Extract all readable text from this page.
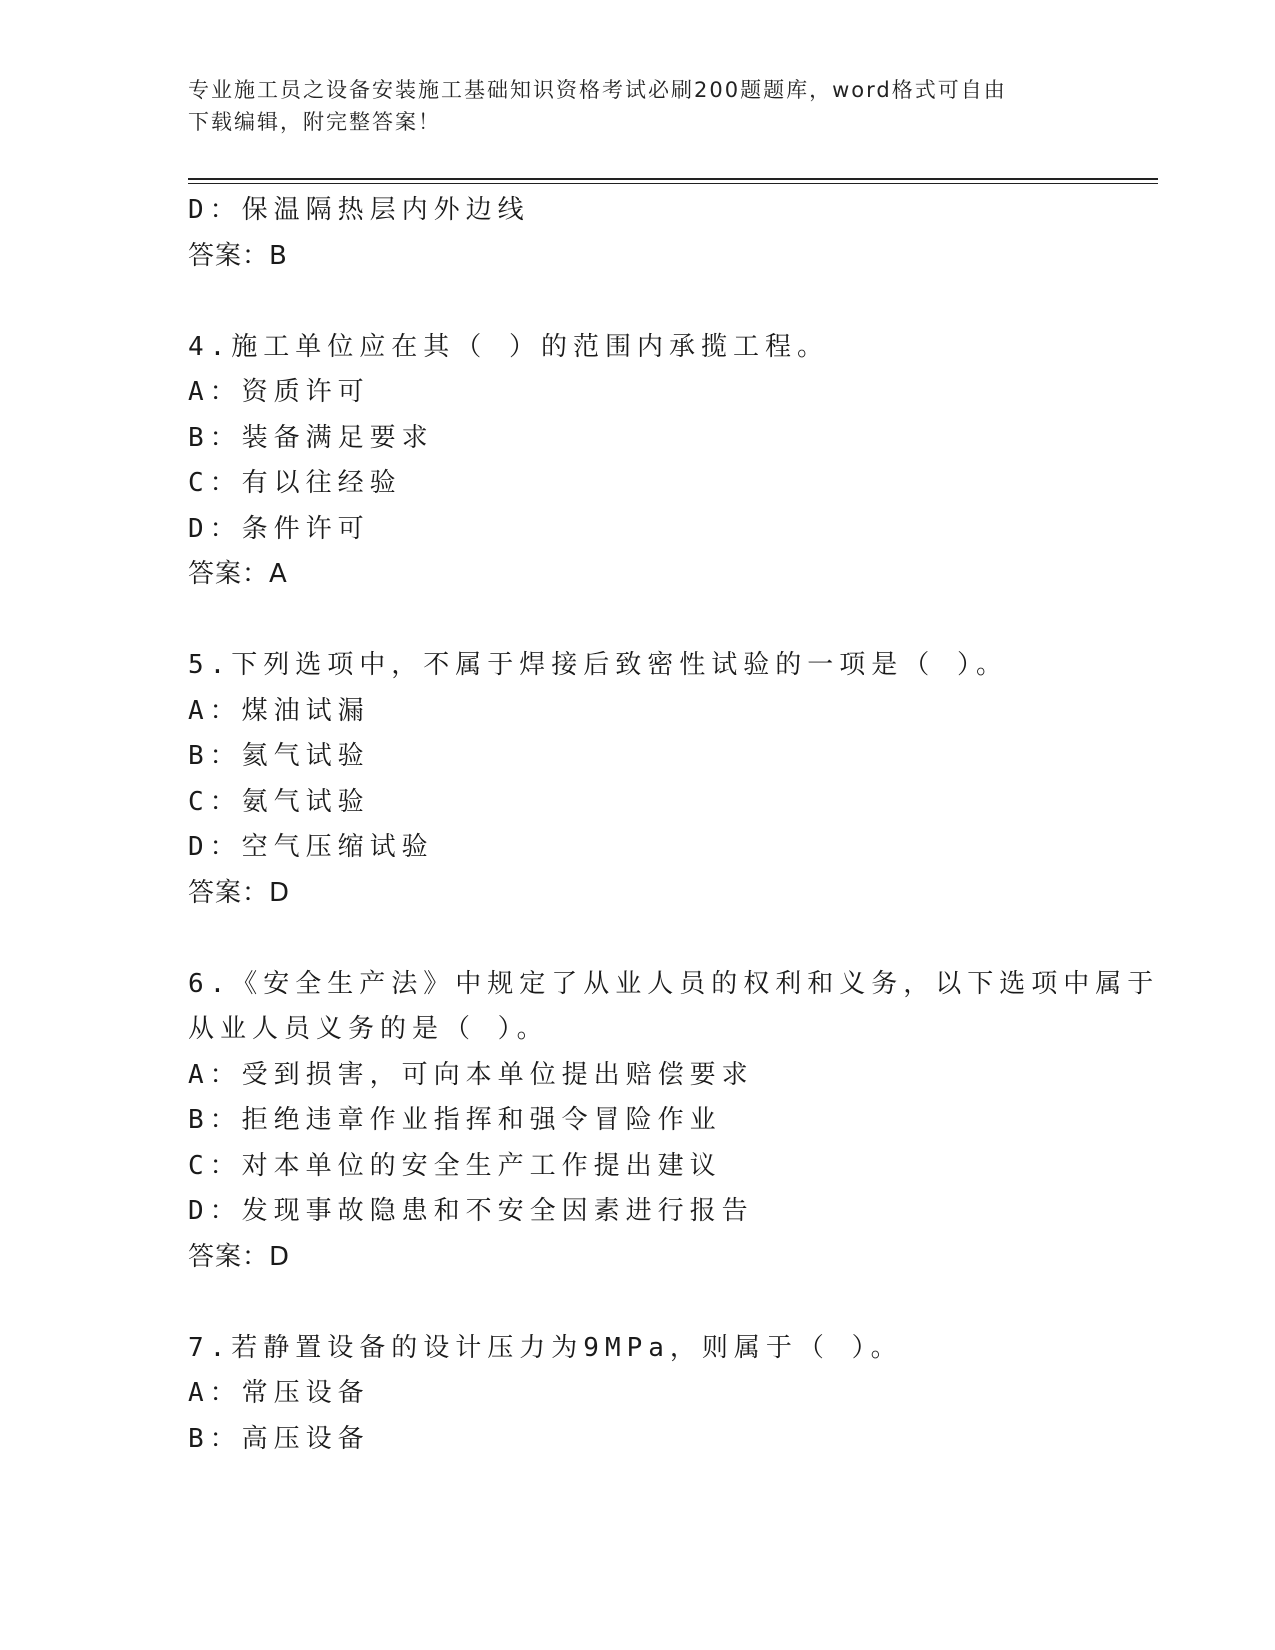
专业施工员之设备安装施工基础知识资格考试必刷200题题库，word格式可自由
下载编辑，附完整答案！
D：保温隔热层内外边线
答案：B
4.施工单位应在其（ ）的范围内承揽工程。
A：资质许可
B：装备满足要求
C：有以往经验
D：条件许可
答案：A
5.下列选项中，不属于焊接后致密性试验的一项是（ ）。
A：煤油试漏
B：氦气试验
C：氨气试验
D：空气压缩试验
答案：D
6.《安全生产法》中规定了从业人员的权利和义务，以下选项中属于
从业人员义务的是（ ）。
A：受到损害，可向本单位提出赔偿要求
B：拒绝违章作业指挥和强令冒险作业
C：对本单位的安全生产工作提出建议
D：发现事故隐患和不安全因素进行报告
答案：D
7.若静置设备的设计压力为9MPa，则属于（ ）。
A：常压设备
B：高压设备
